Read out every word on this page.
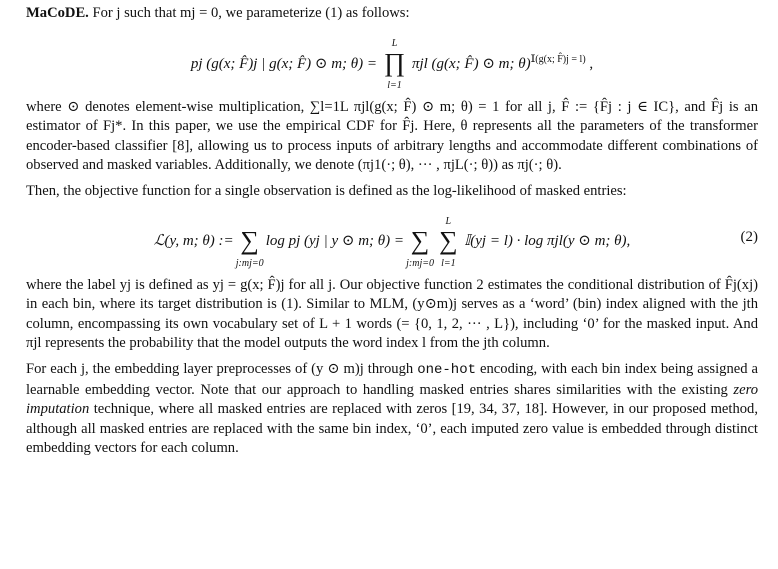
MaCoDE. For j such that mj = 0, we parameterize (1) as follows:

pj (g(x; F̂)j | g(x; F̂) ⊙ m; θ) =
L
∏
l=1
πjl (g(x; F̂) ⊙ m; θ)$^{𝕀(g(x; F̂)j = l)}$ ,

where ⊙ denotes element-wise multiplication, ∑l=1L πjl(g(x; F̂) ⊙ m; θ) = 1 for all j, F̂ := {F̂j : j ∈ IC}, and F̂j is an estimator of Fj*. In this paper, we use the empirical CDF for F̂j. Here, θ represents all the parameters of the transformer encoder-based classifier [8], allowing us to process inputs of arbitrary lengths and accommodate different combinations of observed and masked variables. Additionally, we denote (πj1(·; θ), ··· , πjL(·; θ)) as πj(·; θ).

Then, the objective function for a single observation is defined as the log-likelihood of masked entries:

ℒ(y, m; θ) := ∑
j:mj=0
log pj (yj | y ⊙ m; θ) = ∑
j:mj=0

L
∑
l=1
𝕀(yj = l) · log πjl(y ⊙ m; θ),	(2)

where the label yj is defined as yj = g(x; F̂)j for all j. Our objective function 2 estimates the conditional distribution of F̂j(xj) in each bin, where its target distribution is (1). Similar to MLM, (y⊙m)j serves as a ‘word’ (bin) index aligned with the jth column, encompassing its own vocabulary set of L + 1 words (= {0, 1, 2, ··· , L}), including ‘0’ for the masked input. And πjl represents the probability that the model outputs the word index l from the jth column.

For each j, the embedding layer preprocesses of (y ⊙ m)j through one-hot encoding, with each bin index being assigned a learnable embedding vector. Note that our approach to handling masked entries shares similarities with the existing zero imputation technique, where all masked entries are replaced with zeros [19, 34, 37, 18]. However, in our proposed method, although all masked entries are replaced with the same bin index, ‘0’, each imputed zero value is embedded through distinct embedding vectors for each column.
